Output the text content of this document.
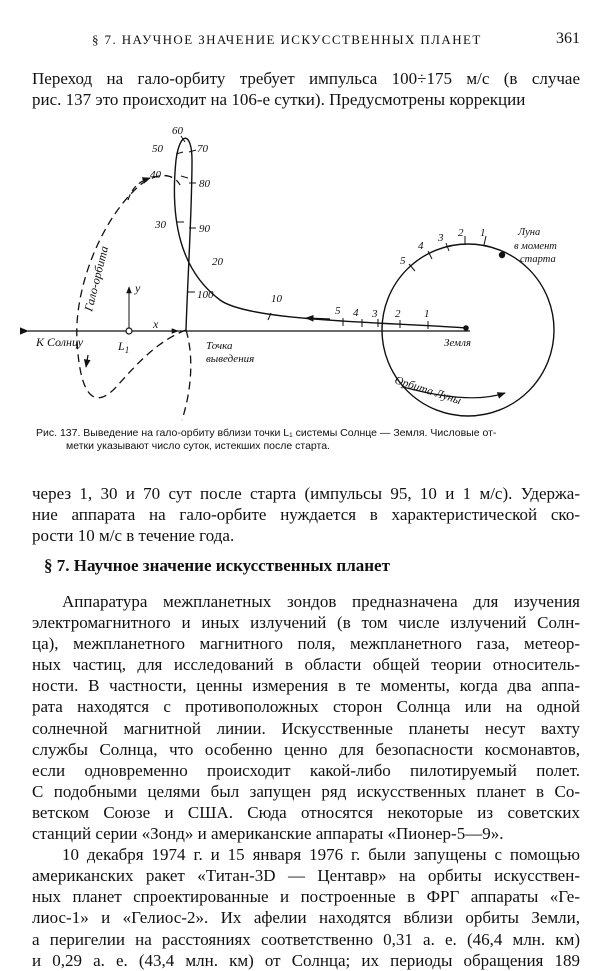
§ 7. НАУЧНОЕ ЗНАЧЕНИЕ ИСКУССТВЕННЫХ ПЛАНЕТ	361
Переход на гало-орбиту требует импульса 100÷175 м/с (в случае
рис. 137 это происходит на 106-е сутки). Предусмотрены коррекции
30
40
50
60
70
80
90
100
20
10
5 4 3 2 1
5
4
3 2 1
К Солнцу
Гало-орбита
$L_1$
x
y
Точка
выведения
Земля
Орбита Луны
Луна
в момент
старта
Рис. 137. Выведение на гало-орбиту вблизи точки L₁ системы Солнце — Земля. Числовые от-
метки указывают число суток, истекших после старта.
через 1, 30 и 70 сут после старта (импульсы 95, 10 и 1 м/с). Удержа-
ние аппарата на гало-орбите нуждается в характеристической ско-
рости 10 м/с в течение года.
§ 7. Научное значение искусственных планет
Аппаратура межпланетных зондов предназначена для изучения
электромагнитного и иных излучений (в том числе излучений Солн-
ца), межпланетного магнитного поля, межпланетного газа, метеор-
ных частиц, для исследований в области общей теории относитель-
ности. В частности, ценны измерения в те моменты, когда два аппа-
рата находятся с противоположных сторон Солнца или на одной
солнечной магнитной линии. Искусственные планеты несут вахту
службы Солнца, что особенно ценно для безопасности космонавтов,
если одновременно происходит какой-либо пилотируемый полет.
С подобными целями был запущен ряд искусственных планет в Со-
ветском Союзе и США. Сюда относятся некоторые из советских
станций серии «Зонд» и американские аппараты «Пионер-5—9».
10 декабря 1974 г. и 15 января 1976 г. были запущены с помощью
американских ракет «Титан-3D — Центавр» на орбиты искусствен-
ных планет спроектированные и построенные в ФРГ аппараты «Ге-
лиос-1» и «Гелиос-2». Их афелии находятся вблизи орбиты Земли,
а перигелии на расстояниях соответственно 0,31 а. е. (46,4 млн. км)
и 0,29 а. е. (43,4 млн. км) от Солнца; их периоды обращения 189
